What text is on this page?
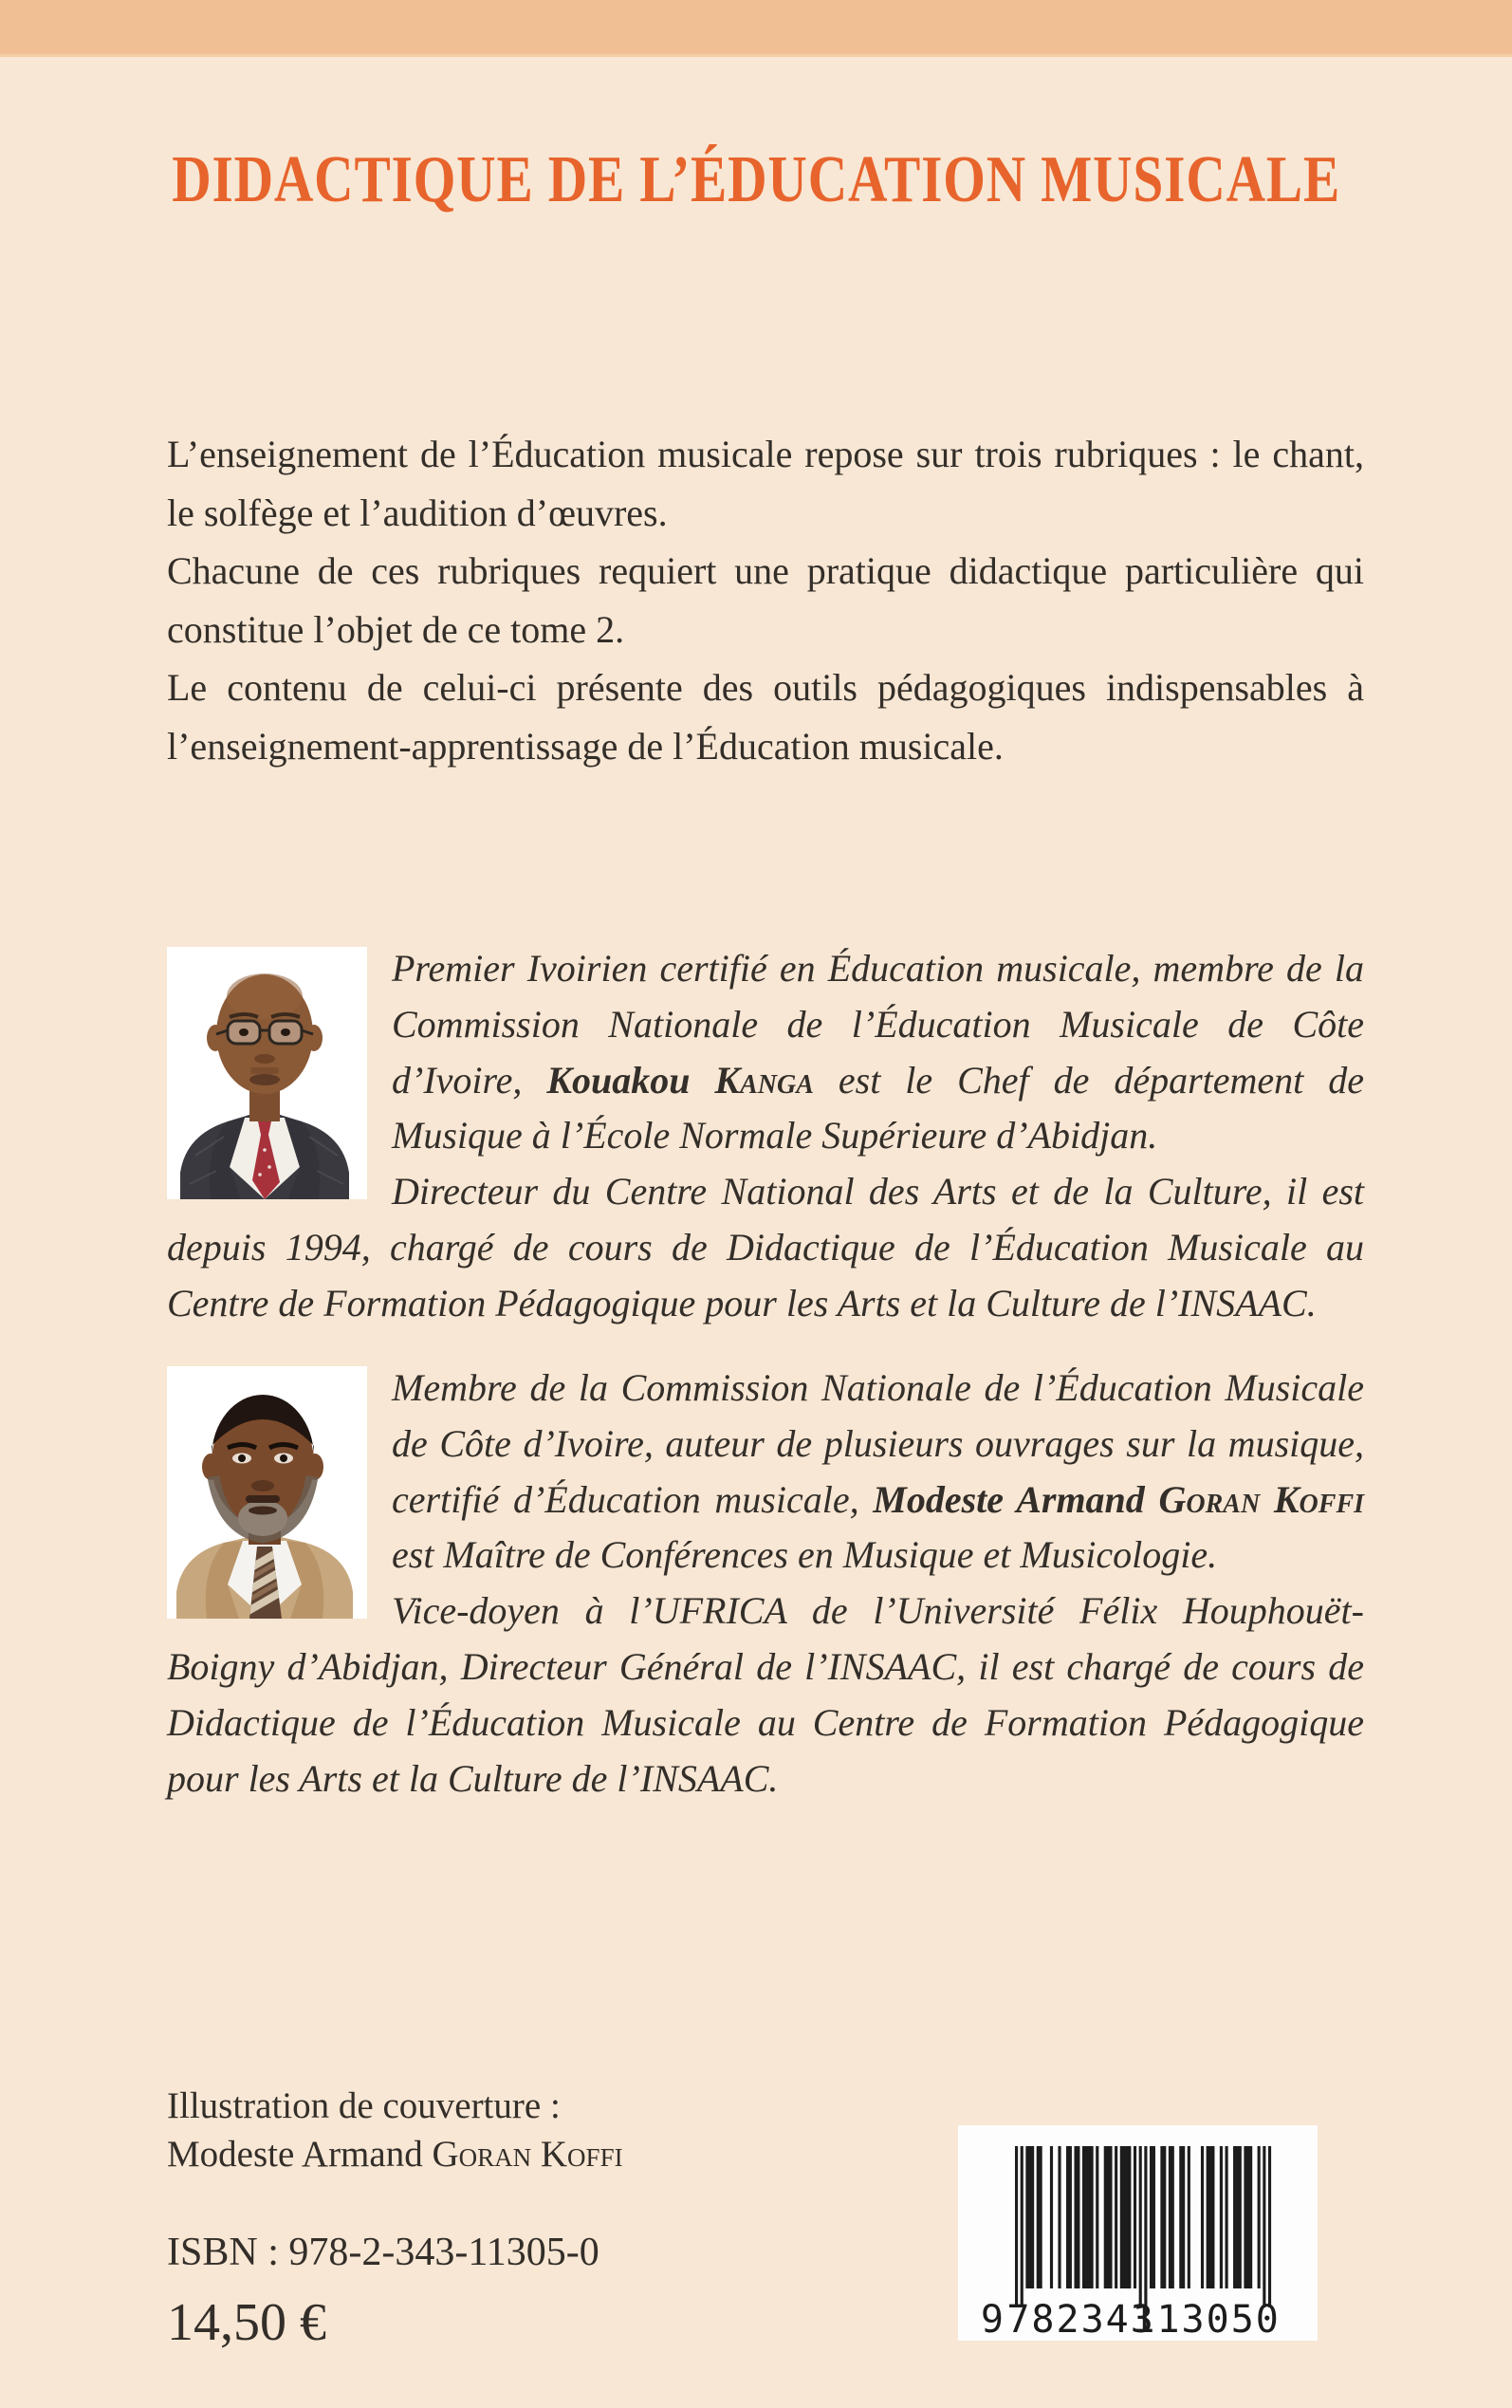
DIDACTIQUE DE L’ÉDUCATION MUSICALE

L’enseignement de l’Éducation musicale repose sur trois rubriques : le chant, le solfège et l’audition d’œuvres.

Chacune de ces rubriques requiert une pratique didactique particulière qui constitue l’objet de ce tome 2.

Le contenu de celui-ci présente des outils pédagogiques indispensables à l’enseignement-apprentissage de l’Éducation musicale.

Premier Ivoirien certifié en Éducation musicale, membre de la Commission Nationale de l’Éducation Musicale de Côte d’Ivoire, Kouakou Kanga est le Chef de département de Musique à l’École Normale Supérieure d’Abidjan.

Directeur du Centre National des Arts et de la Culture, il est depuis 1994, chargé de cours de Didactique de l’Éducation Musicale au Centre de Formation Pédagogique pour les Arts et la Culture de l’INSAAC.

Membre de la Commission Nationale de l’Éducation Musicale de Côte d’Ivoire, auteur de plusieurs ouvrages sur la musique, certifié d’Éducation musicale, Modeste Armand Goran Koffi est Maître de Conférences en Musique et Musicologie.

Vice-doyen à l’UFRICA de l’Université Félix Houphouët-Boigny d’Abidjan, Directeur Général de l’INSAAC, il est chargé de cours de Didactique de l’Éducation Musicale au Centre de Formation Pédagogique pour les Arts et la Culture de l’INSAAC.

Illustration de couverture :
Modeste Armand Goran Koffi
ISBN : 978-2-343-11305-0
14,50 €	9 782343
113050
